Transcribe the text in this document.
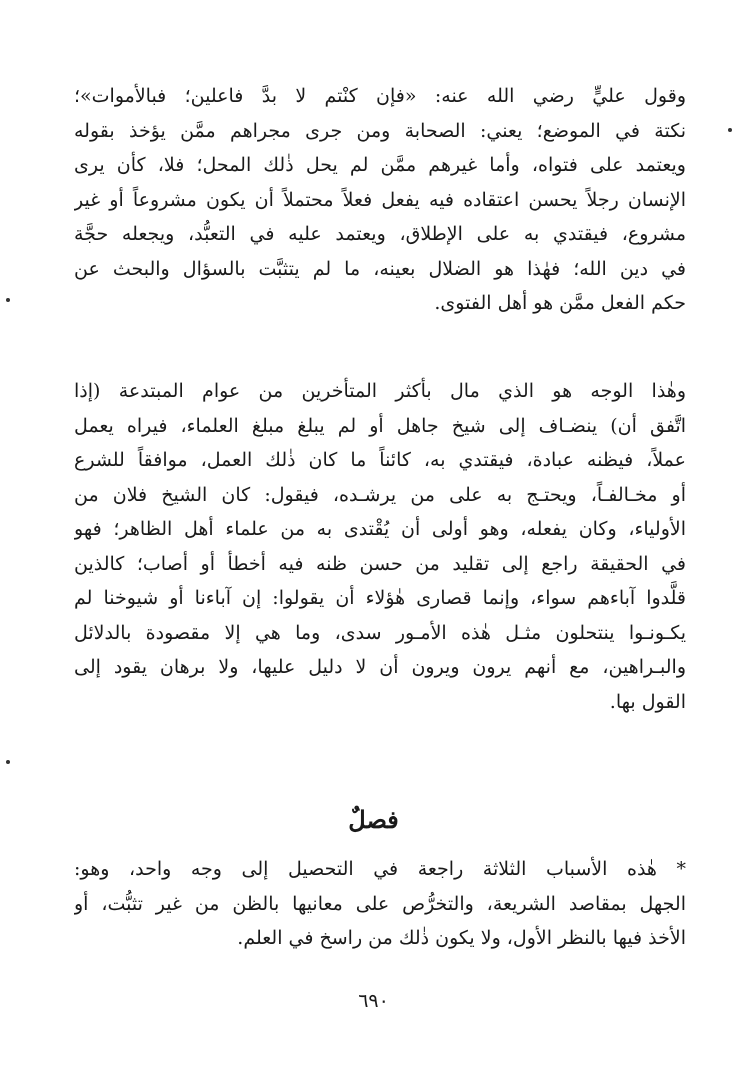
وقول عليٍّ رضي الله عنه: «فإن كنْتم لا بدَّ فاعلين؛ فبالأموات»؛
نكتة في الموضع؛ يعني: الصحابة ومن جرى مجراهم ممَّن يؤخذ بقوله
ويعتمد على فتواه، وأما غيرهم ممَّن لم يحل ذٰلك المحل؛ فلا، كأن يرى
الإنسان رجلاً يحسن اعتقاده فيه يفعل فعلاً محتملاً أن يكون مشروعاً أو غير
مشروع، فيقتدي به على الإطلاق، ويعتمد عليه في التعبُّد، ويجعله حجَّة
في دين الله؛ فهٰذا هو الضلال بعينه، ما لم يتثبَّت بالسؤال والبحث عن
حكم الفعل ممَّن هو أهل الفتوى.
وهٰذا الوجه هو الذي مال بأكثر المتأخرين من عوام المبتدعة (إذا
اتَّفق أن) ينضـاف إلى شيخ جاهل أو لم يبلغ مبلغ العلماء، فيراه يعمل
عملاً، فيظنه عبادة، فيقتدي به، كائناً ما كان ذٰلك العمل، موافقاً للشرع
أو مخـالفـاً، ويحتـج به على من يرشـده، فيقول: كان الشيخ فلان من
الأولياء، وكان يفعله، وهو أولى أن يُقْتدى به من علماء أهل الظاهر؛ فهو
في الحقيقة راجع إلى تقليد من حسن ظنه فيه أخطأ أو أصاب؛ كالذين
قلَّدوا آباءهم سواء، وإنما قصارى هٰؤلاء أن يقولوا: إن آباءنا أو شيوخنا لم
يكـونـوا ينتحلون مثـل هٰذه الأمـور سدى، وما هي إلا مقصودة بالدلائل
والبـراهين، مع أنهم يرون ويرون أن لا دليل عليها، ولا برهان يقود إلى
القول بها.
فصلٌ
* هٰذه الأسباب الثلاثة راجعة في التحصيل إلى وجه واحد، وهو:
الجهل بمقاصد الشريعة، والتخرُّص على معانيها بالظن من غير تثبُّت، أو
الأخذ فيها بالنظر الأول، ولا يكون ذٰلك من راسخ في العلم.
٦٩٠
